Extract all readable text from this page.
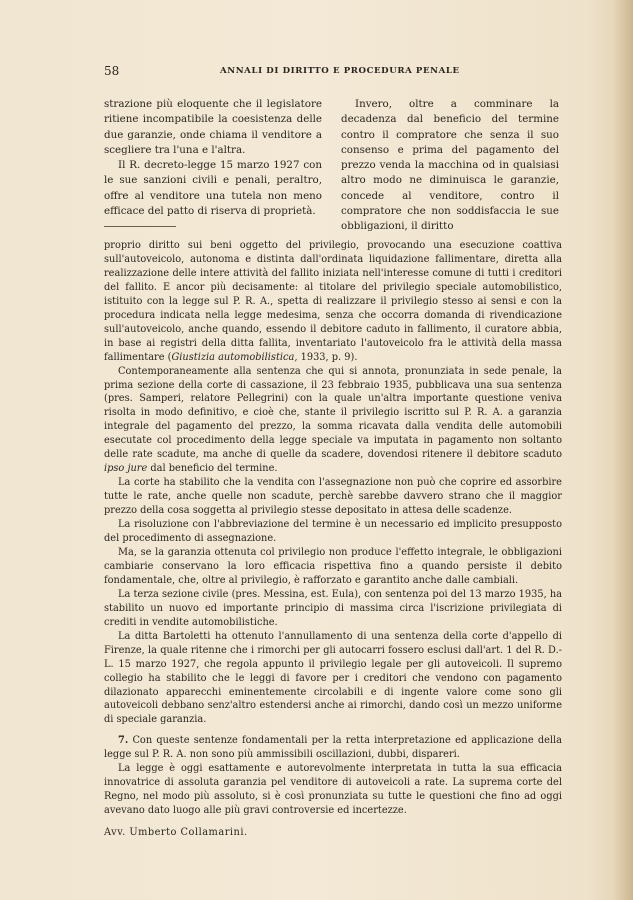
58	ANNALI DI DIRITTO E PROCEDURA PENALE

strazione più eloquente che il legislatore ritiene incompatibile la coesistenza delle due garanzie, onde chiama il venditore a scegliere tra l'una e l'altra.

Il R. decreto-legge 15 marzo 1927 con le sue sanzioni civili e penali, peraltro, offre al venditore una tutela non meno efficace del patto di riserva di proprietà.

Invero, oltre a comminare la decadenza dal beneficio del termine contro il compratore che senza il suo consenso e prima del pagamento del prezzo venda la macchina od in qualsiasi altro modo ne diminuisca le garanzie, concede al venditore, contro il compratore che non soddisfaccia le sue obbligazioni, il diritto

proprio diritto sui beni oggetto del privilegio, provocando una esecuzione coattiva sull'autoveicolo, autonoma e distinta dall'ordinata liquidazione fallimentare, diretta alla realizzazione delle intere attività del fallito iniziata nell'interesse comune di tutti i creditori del fallito. E ancor più decisamente: al titolare del privilegio speciale automobilistico, istituito con la legge sul P. R. A., spetta di realizzare il privilegio stesso ai sensi e con la procedura indicata nella legge medesima, senza che occorra domanda di rivendicazione sull'autoveicolo, anche quando, essendo il debitore caduto in fallimento, il curatore abbia, in base ai registri della ditta fallita, inventariato l'autoveicolo fra le attività della massa fallimentare (Giustizia automobilistica, 1933, p. 9).

Contemporaneamente alla sentenza che qui si annota, pronunziata in sede penale, la prima sezione della corte di cassazione, il 23 febbraio 1935, pubblicava una sua sentenza (pres. Samperi, relatore Pellegrini) con la quale un'altra importante questione veniva risolta in modo definitivo, e cioè che, stante il privilegio iscritto sul P. R. A. a garanzia integrale del pagamento del prezzo, la somma ricavata dalla vendita delle automobili esecutate col procedimento della legge speciale va imputata in pagamento non soltanto delle rate scadute, ma anche di quelle da scadere, dovendosi ritenere il debitore scaduto ipso jure dal beneficio del termine.

La corte ha stabilito che la vendita con l'assegnazione non può che coprire ed assorbire tutte le rate, anche quelle non scadute, perchè sarebbe davvero strano che il maggior prezzo della cosa soggetta al privilegio stesse depositato in attesa delle scadenze.

La risoluzione con l'abbreviazione del termine è un necessario ed implicito presupposto del procedimento di assegnazione.

Ma, se la garanzia ottenuta col privilegio non produce l'effetto integrale, le obbligazioni cambiarie conservano la loro efficacia rispettiva fino a quando persiste il debito fondamentale, che, oltre al privilegio, è rafforzato e garantito anche dalle cambiali.

La terza sezione civile (pres. Messina, est. Eula), con sentenza poi del 13 marzo 1935, ha stabilito un nuovo ed importante principio di massima circa l'iscrizione privilegiata di crediti in vendite automobilistiche.

La ditta Bartoletti ha ottenuto l'annullamento di una sentenza della corte d'appello di Firenze, la quale ritenne che i rimorchi per gli autocarri fossero esclusi dall'art. 1 del R. D.-L. 15 marzo 1927, che regola appunto il privilegio legale per gli autoveicoli. Il supremo collegio ha stabilito che le leggi di favore per i creditori che vendono con pagamento dilazionato apparecchi eminentemente circolabili e di ingente valore come sono gli autoveicoli debbano senz'altro estendersi anche ai rimorchi, dando così un mezzo uniforme di speciale garanzia.

7. Con queste sentenze fondamentali per la retta interpretazione ed applicazione della legge sul P. R. A. non sono più ammissibili oscillazioni, dubbi, dispareri.

La legge è oggi esattamente e autorevolmente interpretata in tutta la sua efficacia innovatrice di assoluta garanzia pel venditore di autoveicoli a rate. La suprema corte del Regno, nel modo più assoluto, si è così pronunziata su tutte le questioni che fino ad oggi avevano dato luogo alle più gravi controversie ed incertezze.

Avv. Umberto Collamarini.
